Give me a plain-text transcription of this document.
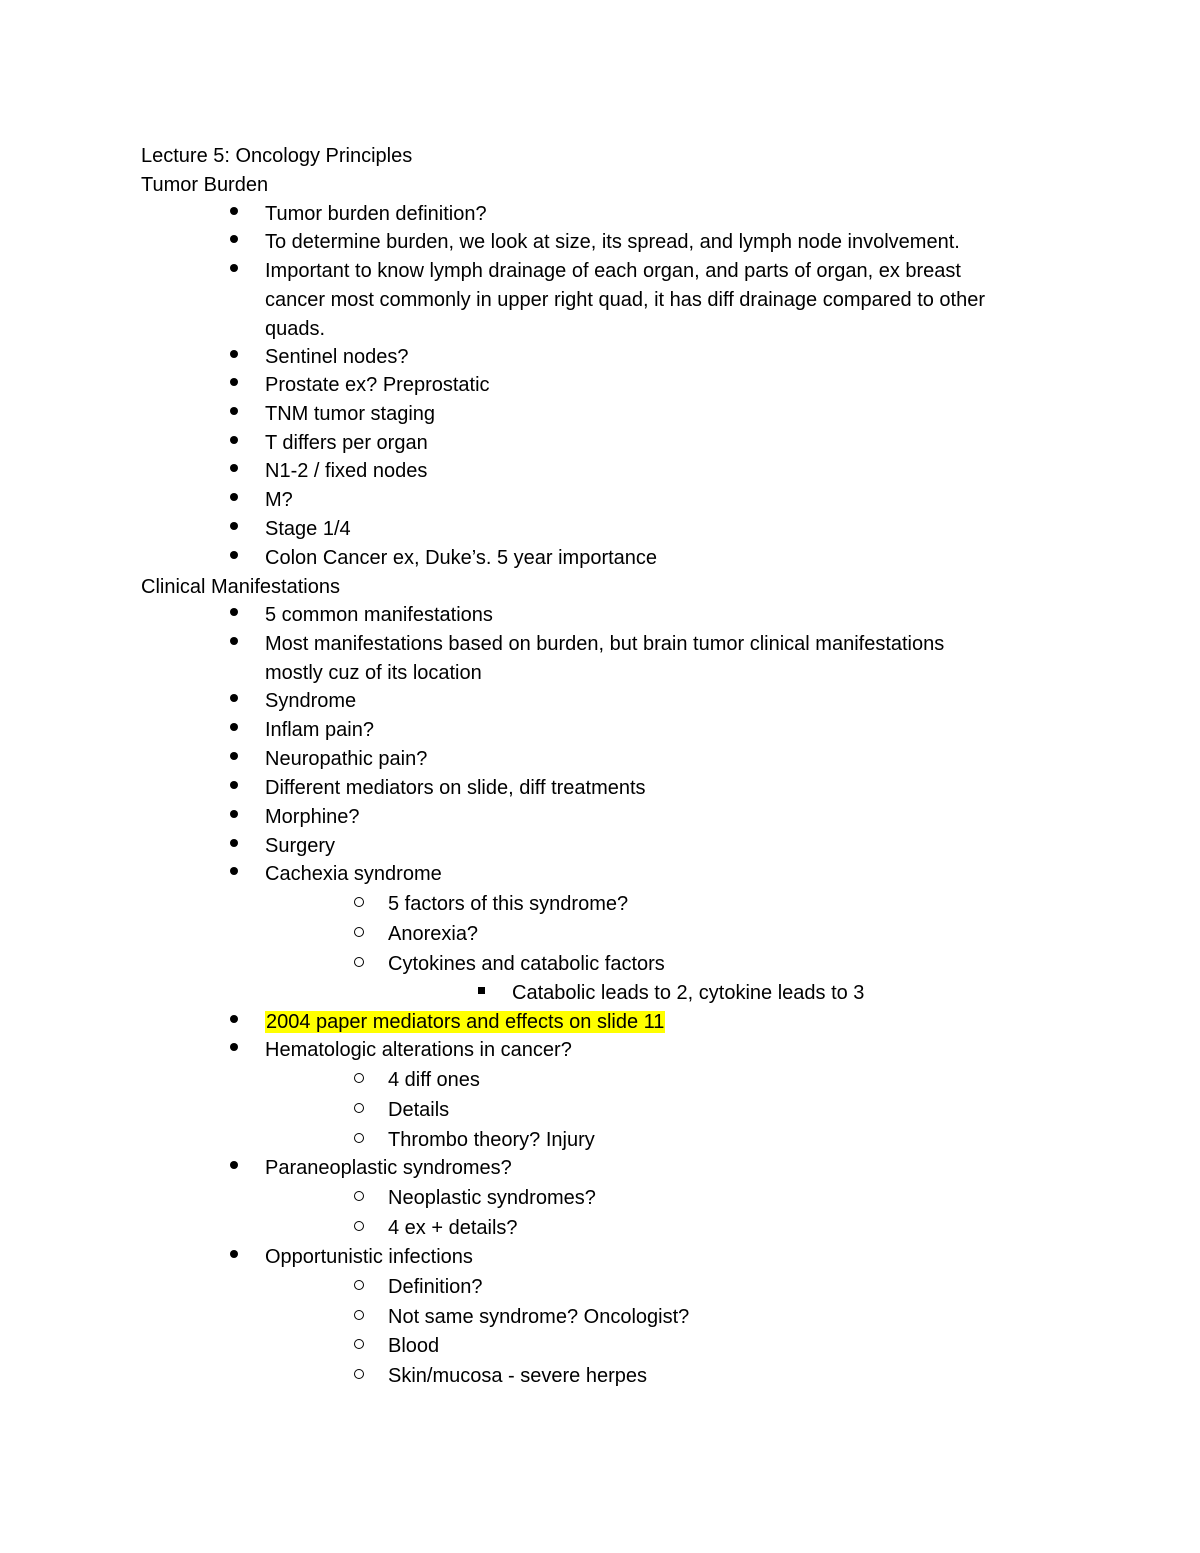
Lecture 5: Oncology Principles
Tumor Burden
Tumor burden definition?
To determine burden, we look at size, its spread, and lymph node involvement.
Important to know lymph drainage of each organ, and parts of organ, ex breast
cancer most commonly in upper right quad, it has diff drainage compared to other
quads.
Sentinel nodes?
Prostate ex? Preprostatic
TNM tumor staging
T differs per organ
N1-2 / fixed nodes
M?
Stage 1/4
Colon Cancer ex, Duke’s. 5 year importance
Clinical Manifestations
5 common manifestations
Most manifestations based on burden, but brain tumor clinical manifestations
mostly cuz of its location
Syndrome
Inflam pain?
Neuropathic pain?
Different mediators on slide, diff treatments
Morphine?
Surgery
Cachexia syndrome
5 factors of this syndrome?
Anorexia?
Cytokines and catabolic factors
Catabolic leads to 2, cytokine leads to 3
2004 paper mediators and effects on slide 11
Hematologic alterations in cancer?
4 diff ones
Details
Thrombo theory? Injury
Paraneoplastic syndromes?
Neoplastic syndromes?
4 ex + details?
Opportunistic infections
Definition?
Not same syndrome? Oncologist?
Blood
Skin/mucosa - severe herpes
